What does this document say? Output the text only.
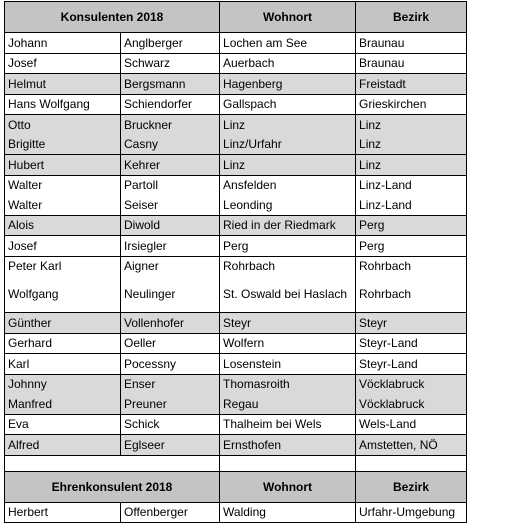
Konsulenten 2018		Wohnort	Bezirk
Johann	Anglberger	Lochen am See	Braunau
Josef	Schwarz	Auerbach	Braunau
Helmut	Bergsmann	Hagenberg	Freistadt
Hans Wolfgang	Schiendorfer	Gallspach	Grieskirchen
Otto	Bruckner	Linz	Linz
Brigitte	Casny	Linz/Urfahr	Linz
Hubert	Kehrer	Linz	Linz
Walter	Partoll	Ansfelden	Linz-Land
Walter	Seiser	Leonding	Linz-Land
Alois	Diwold	Ried in der Riedmark	Perg
Josef	Irsiegler	Perg	Perg
Peter Karl	Aigner	Rohrbach	Rohrbach
Wolfgang	Neulinger	St. Oswald bei Haslach	Rohrbach
Günther	Vollenhofer	Steyr	Steyr
Gerhard	Oeller	Wolfern	Steyr-Land
Karl	Pocessny	Losenstein	Steyr-Land
Johnny	Enser	Thomasroith	Vöcklabruck
Manfred	Preuner	Regau	Vöcklabruck
Eva	Schick	Thalheim bei Wels	Wels-Land
Alfred	Eglseer	Ernsthofen	Amstetten, NÖ

Ehrenkonsulent 2018		Wohnort	Bezirk
Herbert	Offenberger	Walding	Urfahr-Umgebung
